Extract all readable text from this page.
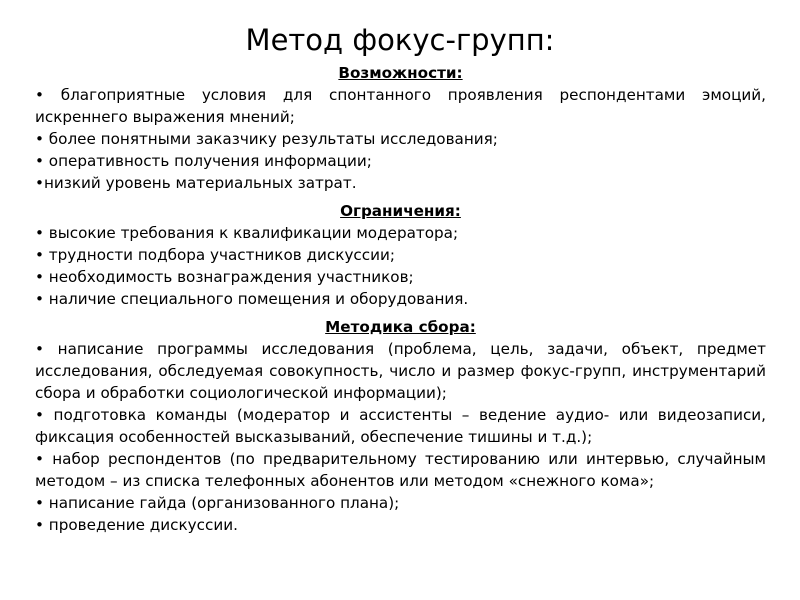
Метод фокус-групп:

Возможности:

• благоприятные условия для спонтанного проявления респондентами эмоций, искреннего выражения мнений;
• более понятными заказчику результаты исследования;
• оперативность получения информации;
•низкий уровень материальных затрат.

Ограничения:

• высокие требования к квалификации модератора;
• трудности подбора участников дискуссии;
• необходимость вознаграждения участников;
• наличие специального помещения и оборудования.

Методика сбора:

• написание программы исследования (проблема, цель, задачи, объект, предмет исследования, обследуемая совокупность, число и размер фокус-групп, инструментарий сбора и обработки социологической информации);
• подготовка команды (модератор и ассистенты – ведение аудио- или видеозаписи, фиксация особенностей высказываний, обеспечение тишины и т.д.);
• набор респондентов (по предварительному тестированию или интервью, случайным методом – из списка телефонных абонентов или методом «снежного кома»;
• написание гайда (организованного плана);
• проведение дискуссии.
